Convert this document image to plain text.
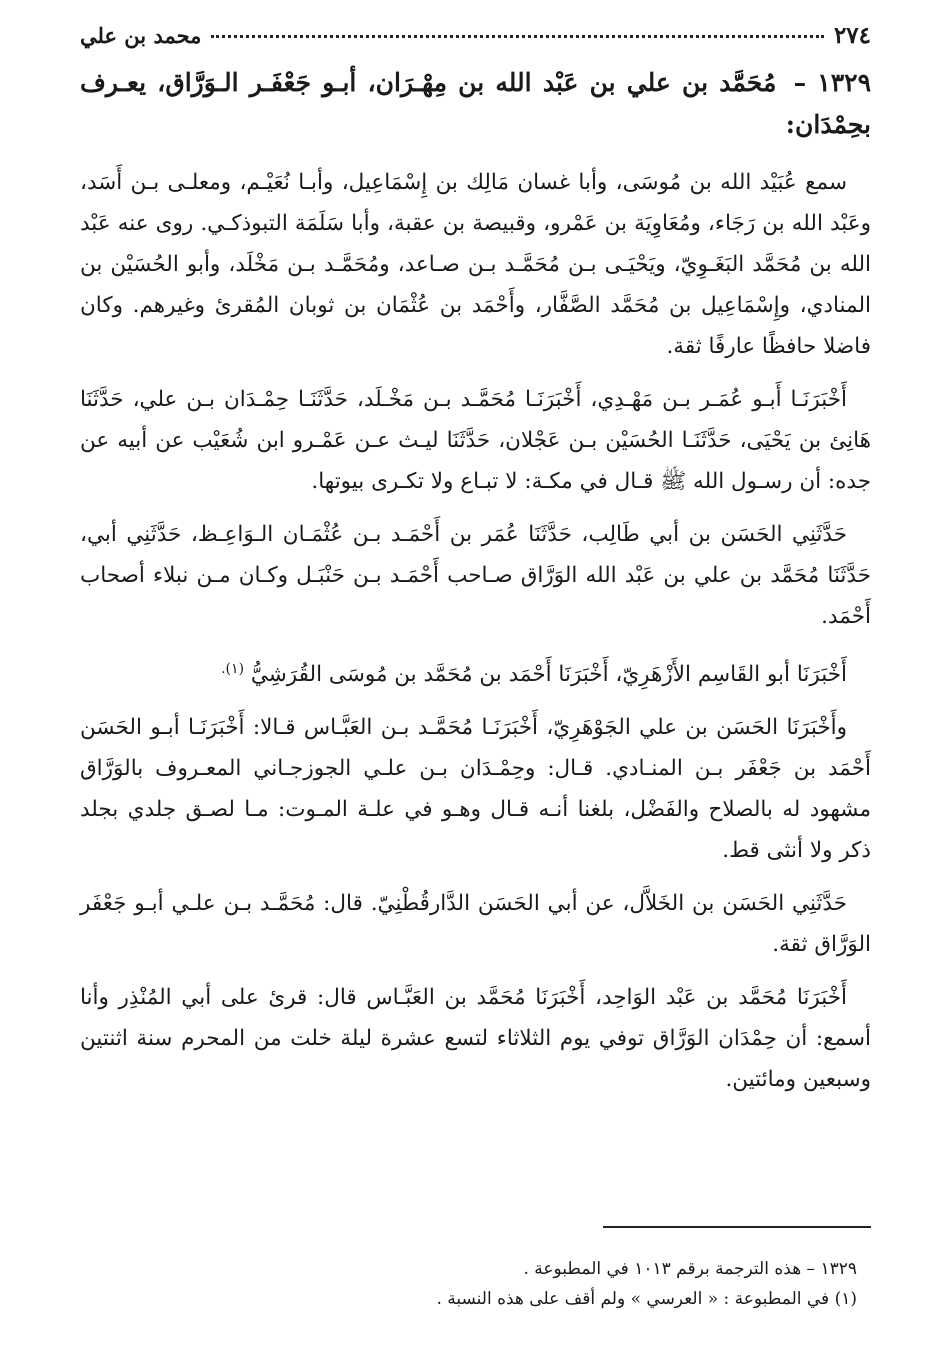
٢٧٤
محمد بن علي
١٣٢٩ – مُحَمَّد بن علي بن عَبْد الله بن مِهْـرَان، أبـو جَعْفَـر الـوَرَّاق، يعـرف بحِمْدَان:

سمع عُبَيْد الله بن مُوسَى، وأبا غسان مَالِك بن إِسْمَاعِيل، وأبـا نُعَيْـم، ومعلـى بـن أَسَد، وعَبْد الله بن رَجَاء، ومُعَاوِيَة بن عَمْرو، وقبيصة بن عقبة، وأبا سَلَمَة التبوذكـي. روى عنه عَبْد الله بن مُحَمَّد البَغَـوِيّ، ويَحْيَـى بـن مُحَمَّـد بـن صـاعد، ومُحَمَّـد بـن مَخْلَد، وأبو الحُسَيْن بن المنادي، وإِسْمَاعِيل بن مُحَمَّد الصَّفَّار، وأَحْمَد بن عُثْمَان بن ثوبان المُقرئ وغيرهم. وكان فاضلا حافظًا عارفًا ثقة.

أَخْبَرَنَـا أَبـو عُمَـر بـن مَهْـدِي، أَخْبَرَنَـا مُحَمَّـد بـن مَخْـلَد، حَدَّثَنَـا حِمْـدَان بـن علي، حَدَّثَنَا هَانِئ بن يَحْيَى، حَدَّثَنَـا الحُسَيْن بـن عَجْلان، حَدَّثَنَا ليـث عـن عَمْـرو ابن شُعَيْب عن أبيه عن جده: أن رسـول الله ﷺ قـال في مكـة: لا تبـاع ولا تكـرى بيوتها.

حَدَّثَنِي الحَسَن بن أبي طَالِب، حَدَّثَنَا عُمَر بن أَحْمَـد بـن عُثْمَـان الـوَاعِـظ، حَدَّثَنِي أبي، حَدَّثَنَا مُحَمَّد بن علي بن عَبْد الله الوَرَّاق صـاحب أَحْمَـد بـن حَنْبَـل وكـان مـن نبلاء أصحاب أَحْمَد.

أَخْبَرَنَا أبو القَاسِم الأَزْهَرِيّ، أَخْبَرَنَا أَحْمَد بن مُحَمَّد بن مُوسَى القُرَشِيُّ $^{(١).}$

وأَخْبَرَنَا الحَسَن بن علي الجَوْهَرِيّ، أَخْبَرَنَـا مُحَمَّـد بـن العَبَّـاس قـالا: أَخْبَرَنَـا أبـو الحَسَن أَحْمَد بن جَعْفَر بـن المنـادي. قـال: وحِمْـدَان بـن علـي الجوزجـاني المعـروف بالوَرَّاق مشهود له بالصلاح والفَضْل، بلغنا أنـه قـال وهـو في علـة المـوت: مـا لصـق جلدي بجلد ذكر ولا أنثى قط.

حَدَّثَنِي الحَسَن بن الخَلاَّل، عن أبي الحَسَن الدَّارقُطْنِيّ. قال: مُحَمَّـد بـن علـي أبـو جَعْفَر الوَرَّاق ثقة.

أَخْبَرَنَا مُحَمَّد بن عَبْد الوَاحِد، أَخْبَرَنَا مُحَمَّد بن العَبَّـاس قال: قرئ على أبي المُنْذِر وأنا أسمع: أن حِمْدَان الوَرَّاق توفي يوم الثلاثاء لتسع عشرة ليلة خلت من المحرم سنة اثنتين وسبعين ومائتين.

١٣٢٩ – هذه الترجمة برقم ١٠١٣ في المطبوعة .
(١) في المطبوعة : « العرسي » ولم أقف على هذه النسبة .
